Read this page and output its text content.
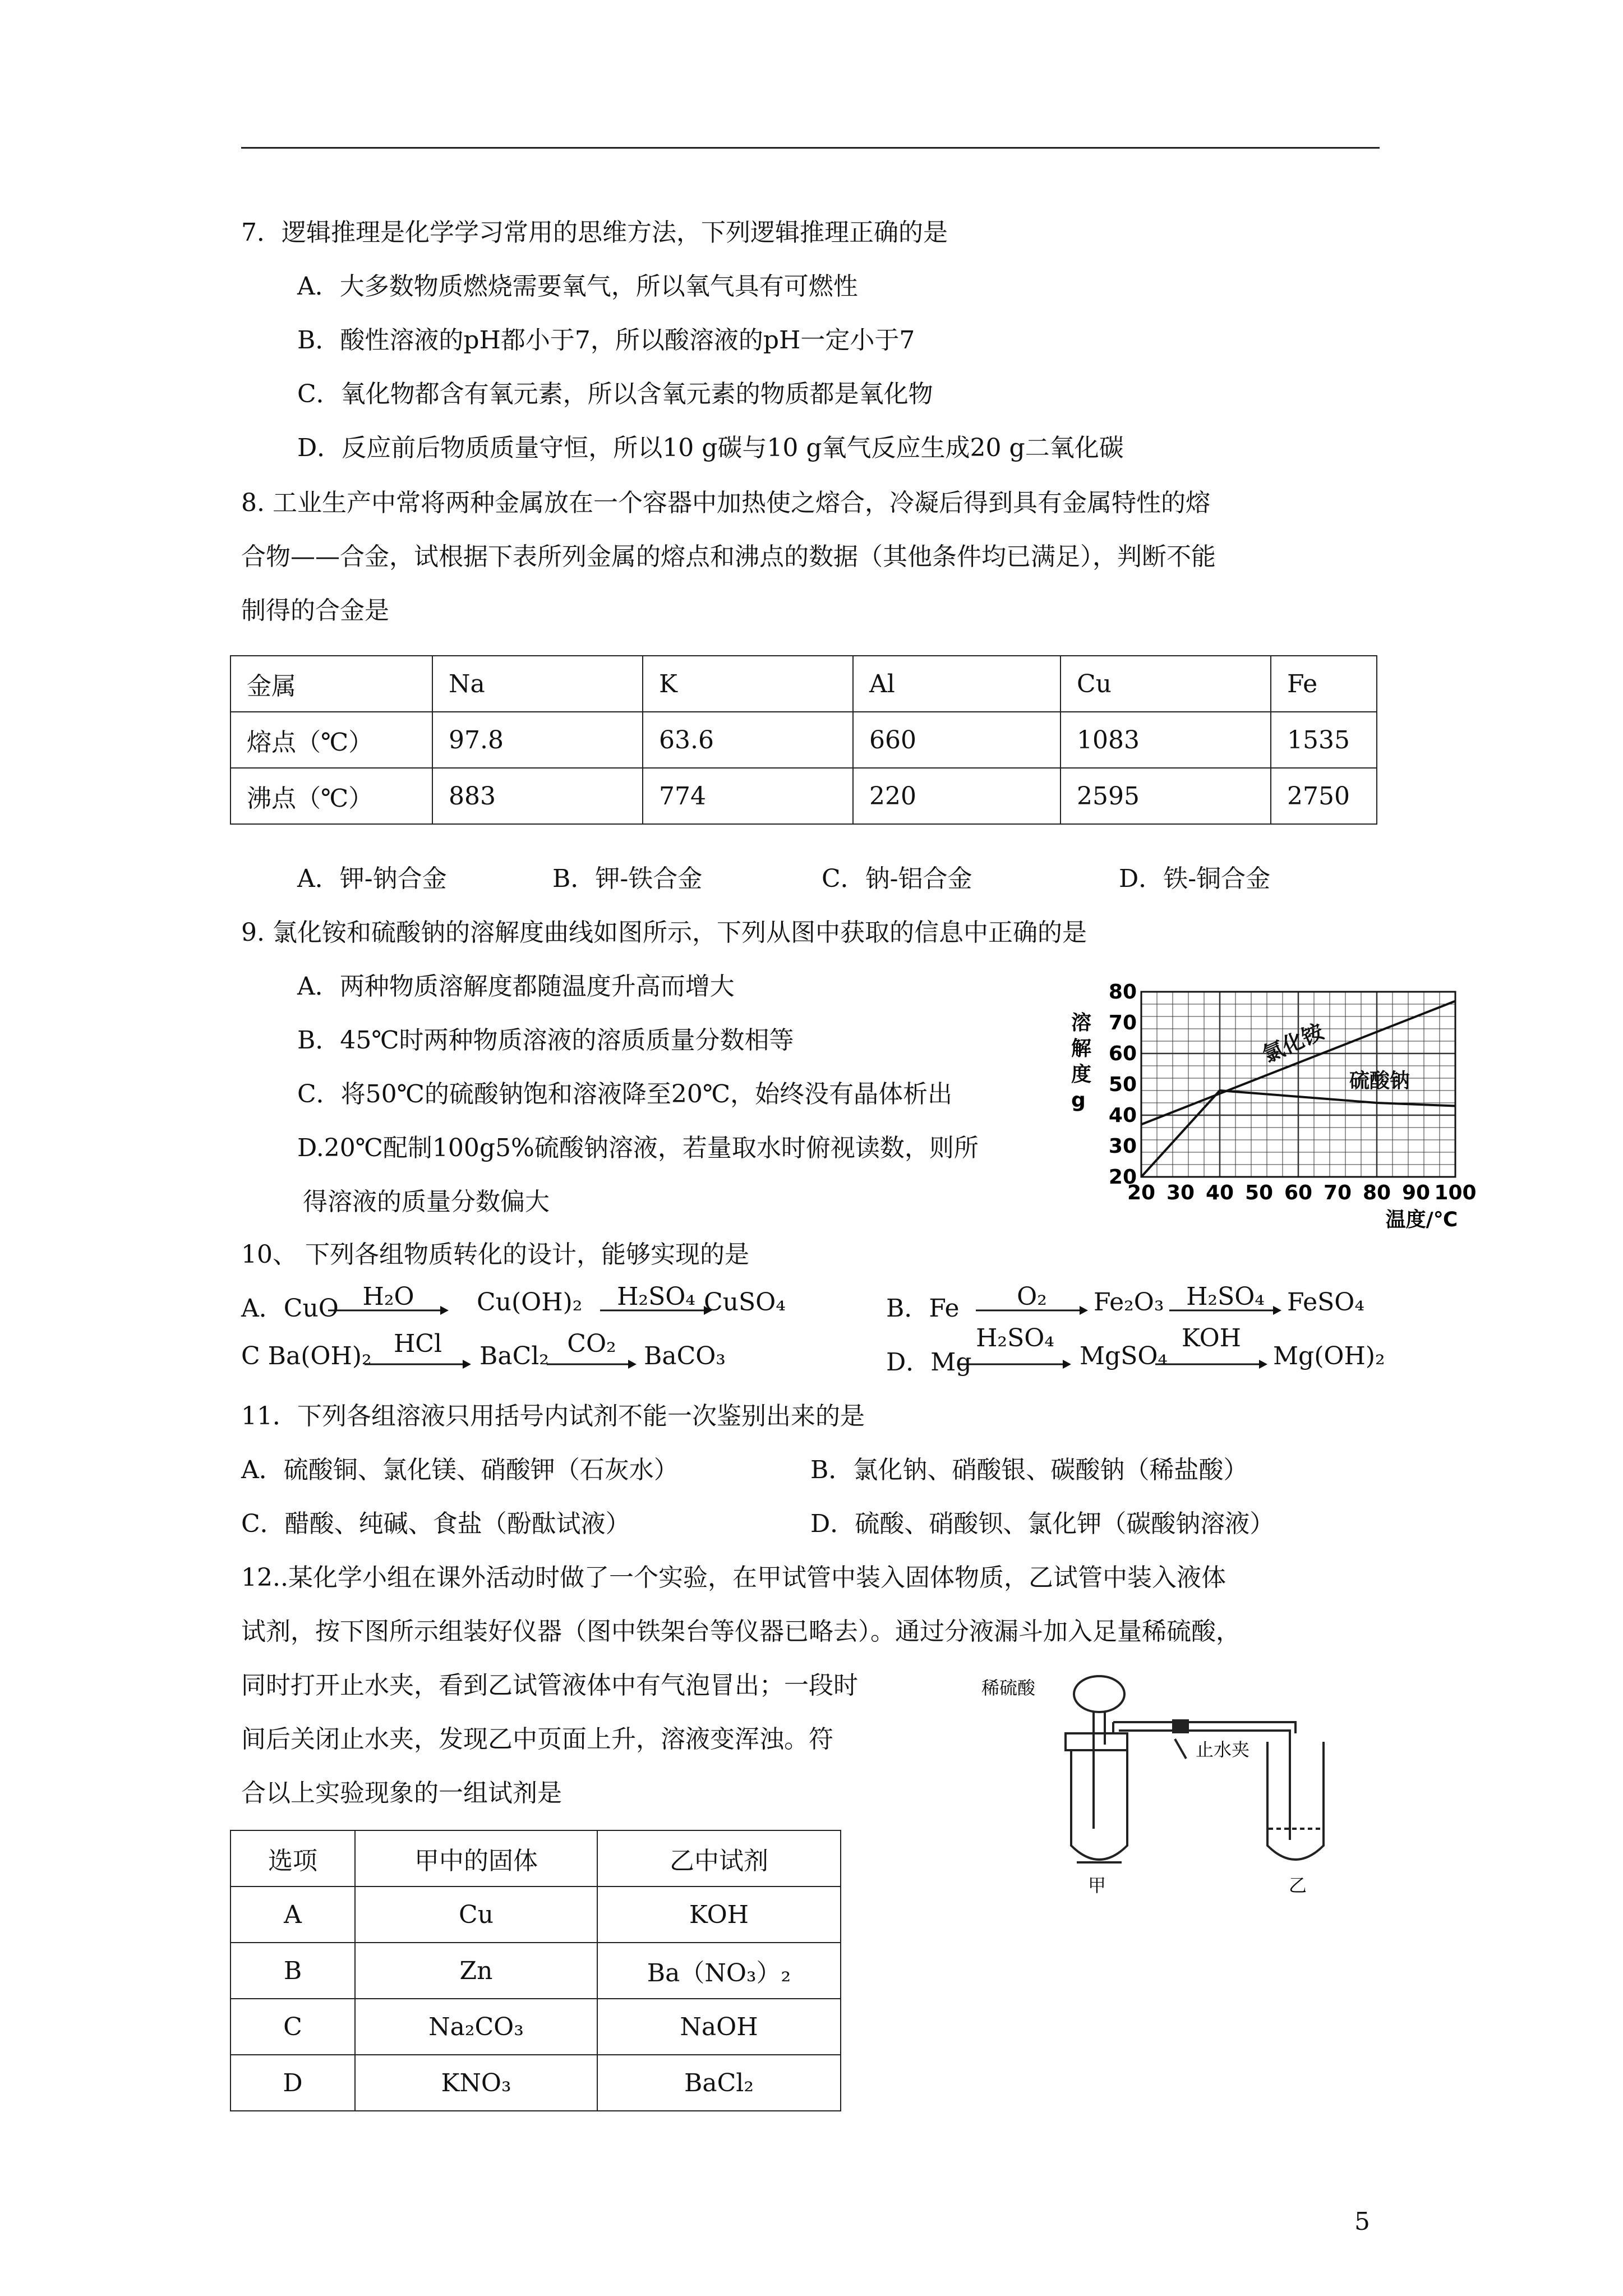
7．逻辑推理是化学学习常用的思维方法，下列逻辑推理正确的是
A．大多数物质燃烧需要氧气，所以氧气具有可燃性
B．酸性溶液的pH都小于7，所以酸溶液的pH一定小于7
C．氧化物都含有氧元素，所以含氧元素的物质都是氧化物
D．反应前后物质质量守恒，所以10 g碳与10 g氧气反应生成20 g二氧化碳
8. 工业生产中常将两种金属放在一个容器中加热使之熔合，冷凝后得到具有金属特性的熔
合物——合金，试根据下表所列金属的熔点和沸点的数据（其他条件均已满足），判断不能
制得的合金是
金属	Na	K	Al	Cu	Fe
熔点（℃）	97.8	63.6	660	1083	1535
沸点（℃）	883	774	220	2595	2750
A．钾-钠合金	B．钾-铁合金	C．钠-铝合金	D．铁-铜合金
9. 氯化铵和硫酸钠的溶解度曲线如图所示，下列从图中获取的信息中正确的是
A．两种物质溶解度都随温度升高而增大
B．45℃时两种物质溶液的溶质质量分数相等
C．将50℃的硫酸钠饱和溶液降至20℃，始终没有晶体析出
D.20℃配制100g5%硫酸钠溶液，若量取水时俯视读数，则所
得溶液的质量分数偏大
氯化铵
硫酸钠
20 30 40 50 60 70 80 90 100
20
30
40
50
60
70
80
溶解度 g
温度/℃
10、 下列各组物质转化的设计，能够实现的是
A．CuO H₂O	Cu(OH)₂	H₂SO₄ CuSO₄	B．Fe	O₂	Fe₂O₃ H₂SO₄ FeSO₄
C Ba(OH)₂ HCl	BaCl₂ CO₂	BaCO₃	D．Mg
H₂SO₄
MgSO₄
KOH
Mg(OH)₂
11．下列各组溶液只用括号内试剂不能一次鉴别出来的是
A．硫酸铜、氯化镁、硝酸钾（石灰水）	B．氯化钠、硝酸银、碳酸钠（稀盐酸）
C．醋酸、纯碱、食盐（酚酞试液）	D．硫酸、硝酸钡、氯化钾（碳酸钠溶液）
12..某化学小组在课外活动时做了一个实验，在甲试管中装入固体物质，乙试管中装入液体
试剂，按下图所示组装好仪器（图中铁架台等仪器已略去）。通过分液漏斗加入足量稀硫酸，
同时打开止水夹，看到乙试管液体中有气泡冒出；一段时
间后关闭止水夹，发现乙中页面上升，溶液变浑浊。符
合以上实验现象的一组试剂是
选项	甲中的固体	乙中试剂
A	Cu	KOH
B	Zn	Ba（NO₃）₂
C	Na₂CO₃	NaOH
D	KNO₃	BaCl₂
稀硫酸
止水夹
甲	乙
5
